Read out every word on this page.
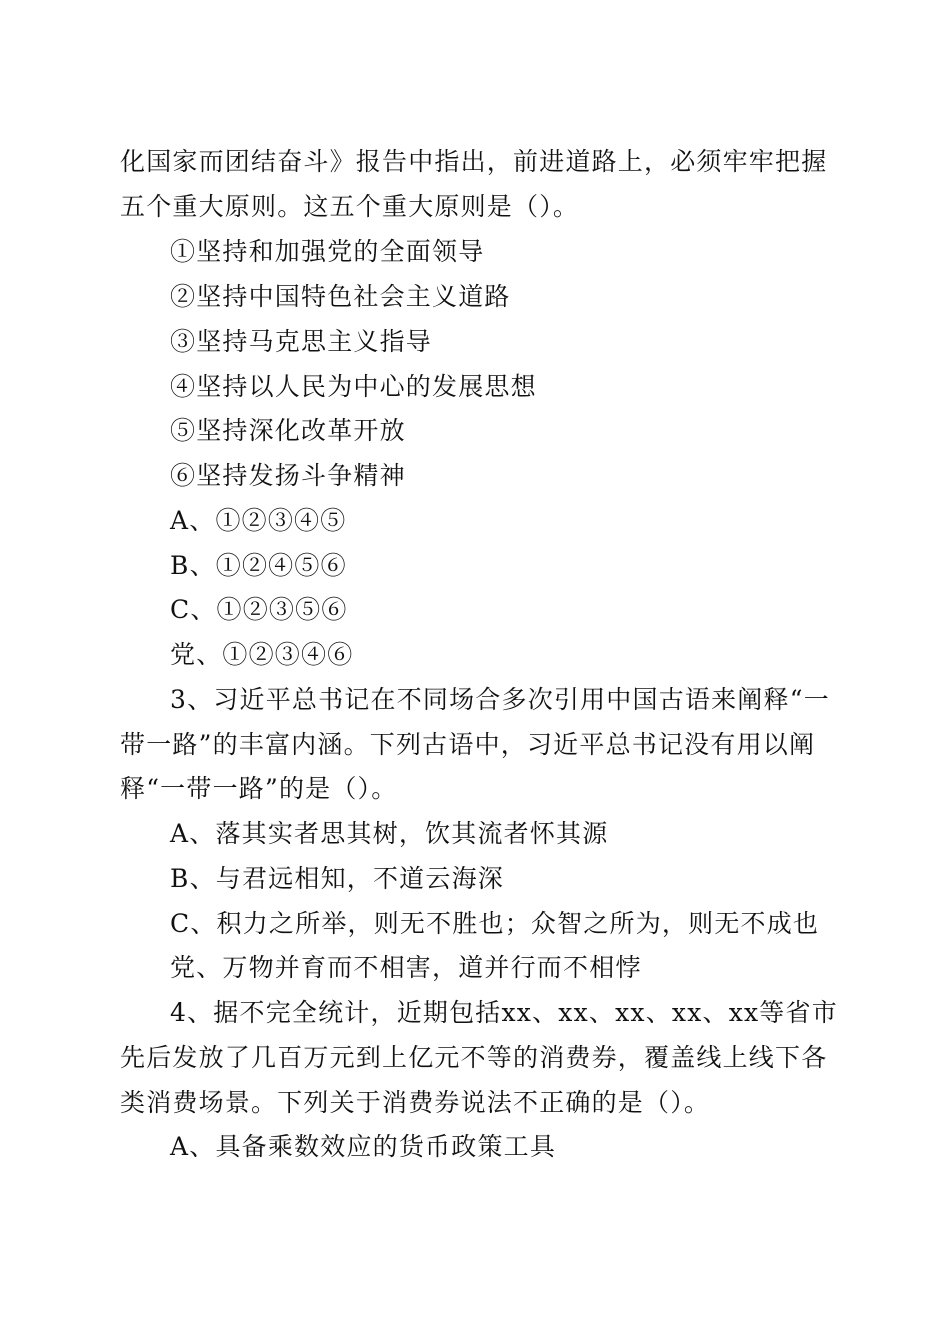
化国家而团结奋斗》报告中指出，前进道路上，必须牢牢把握
五个重大原则。这五个重大原则是（）。
①坚持和加强党的全面领导
②坚持中国特色社会主义道路
③坚持马克思主义指导
④坚持以人民为中心的发展思想
⑤坚持深化改革开放
⑥坚持发扬斗争精神
A、①②③④⑤
B、①②④⑤⑥
C、①②③⑤⑥
党、①②③④⑥
3、习近平总书记在不同场合多次引用中国古语来阐释“一
带一路”的丰富内涵。下列古语中，习近平总书记没有用以阐
释“一带一路”的是（）。
A、落其实者思其树，饮其流者怀其源
B、与君远相知，不道云海深
C、积力之所举，则无不胜也；众智之所为，则无不成也
党、万物并育而不相害，道并行而不相悖
4、据不完全统计，近期包括xx、xx、xx、xx、xx等省市
先后发放了几百万元到上亿元不等的消费券，覆盖线上线下各
类消费场景。下列关于消费券说法不正确的是（）。
A、具备乘数效应的货币政策工具
